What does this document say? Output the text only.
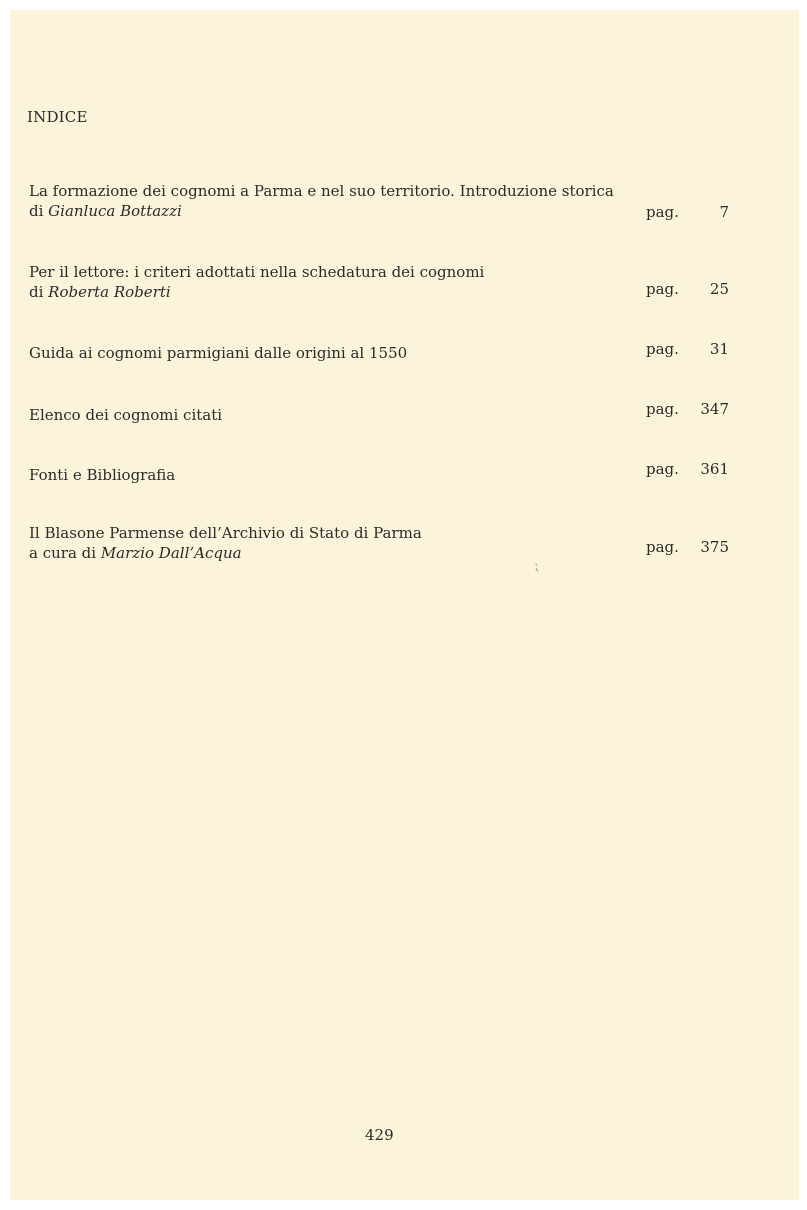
INDICE
La formazione dei cognomi a Parma e nel suo territorio. Introduzione storica
di Gianluca Bottazzi	pag.	7
Per il lettore: i criteri adottati nella schedatura dei cognomi
di Roberta Roberti	pag.	25
Guida ai cognomi parmigiani dalle origini al 1550	pag.	31
Elenco dei cognomi citati	pag.	347
Fonti e Bibliografia	pag.	361
Il Blasone Parmense dell’Archivio di Stato di Parma
a cura di Marzio Dall’Acqua	pag.	375
⁏
429
